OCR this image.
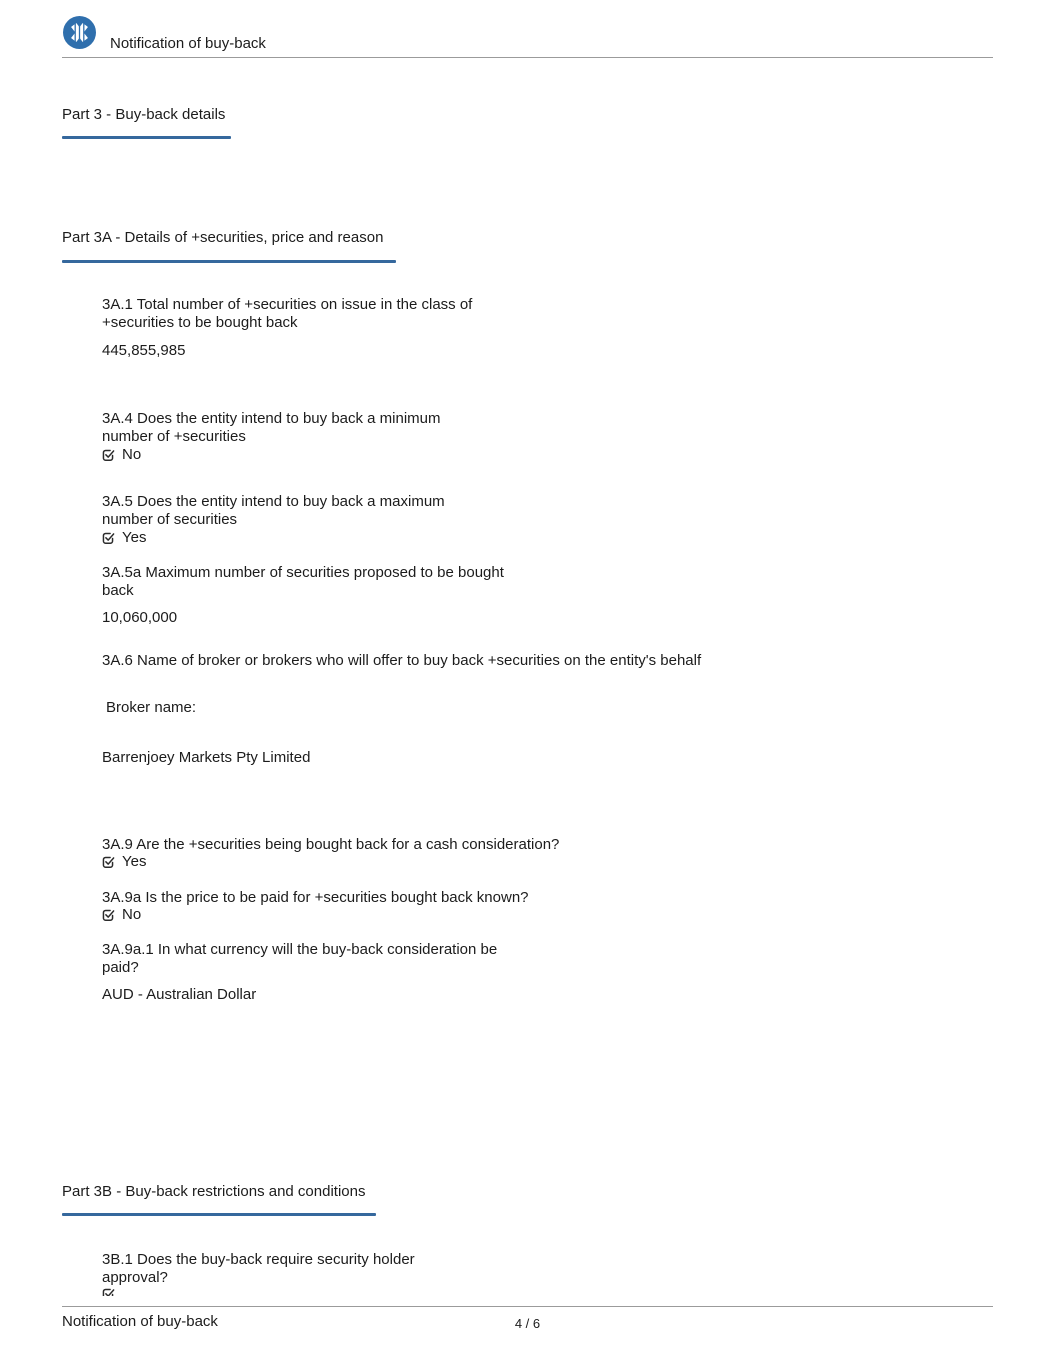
Notification of buy-back
Part 3 - Buy-back details
Part 3A - Details of +securities, price and reason
3A.1 Total number of +securities on issue in the class of +securities to be bought back
445,855,985
3A.4 Does the entity intend to buy back a minimum number of +securities
No
3A.5 Does the entity intend to buy back a maximum number of securities
Yes
3A.5a Maximum number of securities proposed to be bought back
10,060,000
3A.6 Name of broker or brokers who will offer to buy back +securities on the entity's behalf
Broker name:
Barrenjoey Markets Pty Limited
3A.9 Are the +securities being bought back for a cash consideration?
Yes
3A.9a Is the price to be paid for +securities bought back known?
No
3A.9a.1 In what currency will the buy-back consideration be paid?
AUD - Australian Dollar
Part 3B - Buy-back restrictions and conditions
3B.1 Does the buy-back require security holder approval?
Notification of buy-back	4 / 6
